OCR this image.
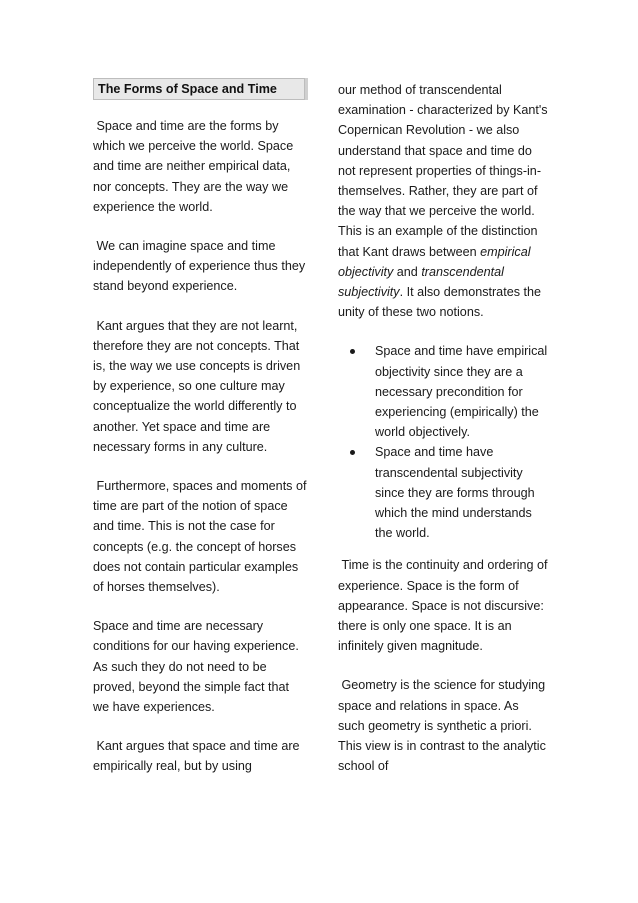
The Forms of Space and Time

Space and time are the forms by which we perceive the world. Space and time are neither empirical data, nor concepts. They are the way we experience the world.

We can imagine space and time independently of experience thus they stand beyond experience.

Kant argues that they are not learnt, therefore they are not concepts. That is, the way we use concepts is driven by experience, so one culture may conceptualize the world differently to another. Yet space and time are necessary forms in any culture.

Furthermore, spaces and moments of time are part of the notion of space and time. This is not the case for concepts (e.g. the concept of horses does not contain particular examples of horses themselves).

Space and time are necessary conditions for our having experience. As such they do not need to be proved, beyond the simple fact that we have experiences.

Kant argues that space and time are empirically real, but by using

our method of transcendental examination - characterized by Kant's Copernican Revolution - we also understand that space and time do not represent properties of things-in-themselves. Rather, they are part of the way that we perceive the world. This is an example of the distinction that Kant draws between empirical objectivity and transcendental subjectivity. It also demonstrates the unity of these two notions.

Space and time have empirical objectivity since they are a necessary precondition for experiencing (empirically) the world objectively.
Space and time have transcendental subjectivity since they are forms through which the mind understands the world.

Time is the continuity and ordering of experience. Space is the form of appearance. Space is not discursive: there is only one space. It is an infinitely given magnitude.

Geometry is the science for studying space and relations in space. As such geometry is synthetic a priori. This view is in contrast to the analytic school of
